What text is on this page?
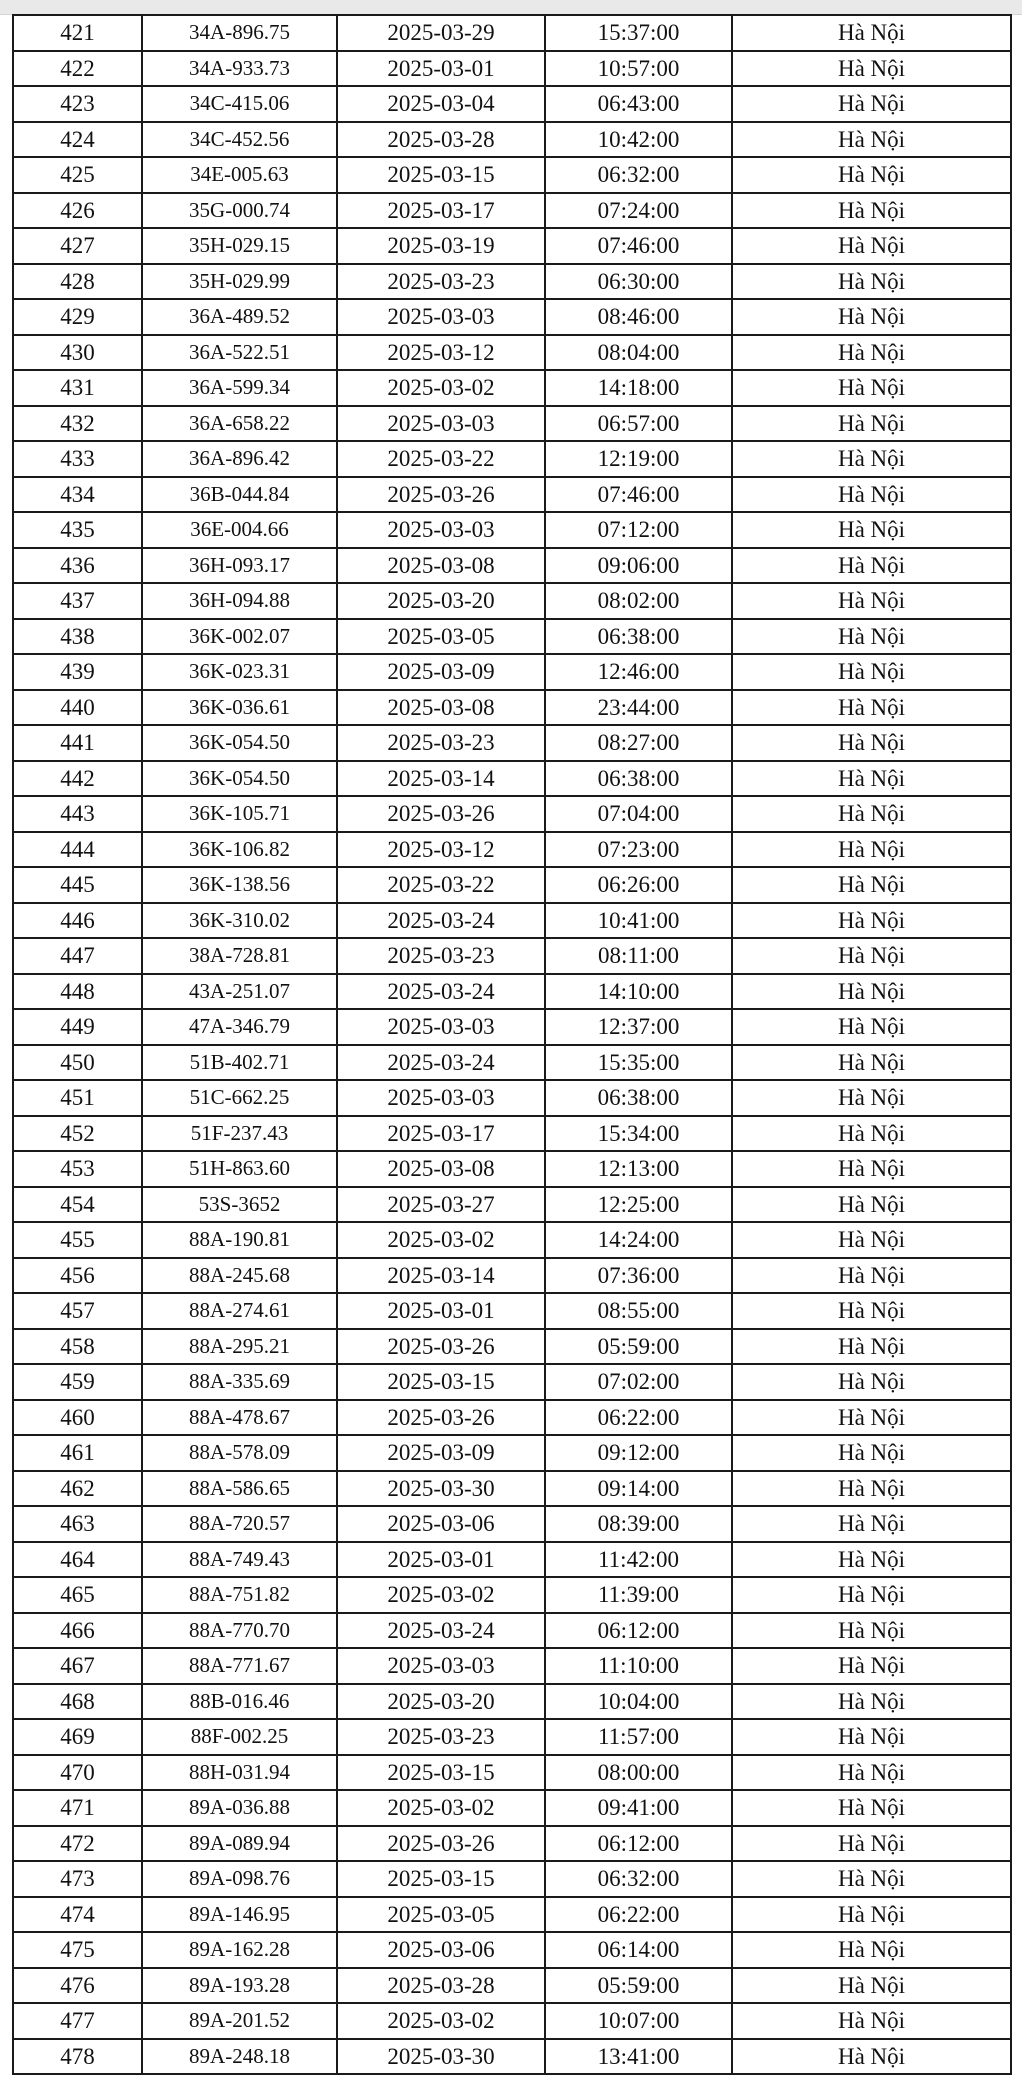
421	34A-896.75	2025-03-29	15:37:00	Hà Nội
422	34A-933.73	2025-03-01	10:57:00	Hà Nội
423	34C-415.06	2025-03-04	06:43:00	Hà Nội
424	34C-452.56	2025-03-28	10:42:00	Hà Nội
425	34E-005.63	2025-03-15	06:32:00	Hà Nội
426	35G-000.74	2025-03-17	07:24:00	Hà Nội
427	35H-029.15	2025-03-19	07:46:00	Hà Nội
428	35H-029.99	2025-03-23	06:30:00	Hà Nội
429	36A-489.52	2025-03-03	08:46:00	Hà Nội
430	36A-522.51	2025-03-12	08:04:00	Hà Nội
431	36A-599.34	2025-03-02	14:18:00	Hà Nội
432	36A-658.22	2025-03-03	06:57:00	Hà Nội
433	36A-896.42	2025-03-22	12:19:00	Hà Nội
434	36B-044.84	2025-03-26	07:46:00	Hà Nội
435	36E-004.66	2025-03-03	07:12:00	Hà Nội
436	36H-093.17	2025-03-08	09:06:00	Hà Nội
437	36H-094.88	2025-03-20	08:02:00	Hà Nội
438	36K-002.07	2025-03-05	06:38:00	Hà Nội
439	36K-023.31	2025-03-09	12:46:00	Hà Nội
440	36K-036.61	2025-03-08	23:44:00	Hà Nội
441	36K-054.50	2025-03-23	08:27:00	Hà Nội
442	36K-054.50	2025-03-14	06:38:00	Hà Nội
443	36K-105.71	2025-03-26	07:04:00	Hà Nội
444	36K-106.82	2025-03-12	07:23:00	Hà Nội
445	36K-138.56	2025-03-22	06:26:00	Hà Nội
446	36K-310.02	2025-03-24	10:41:00	Hà Nội
447	38A-728.81	2025-03-23	08:11:00	Hà Nội
448	43A-251.07	2025-03-24	14:10:00	Hà Nội
449	47A-346.79	2025-03-03	12:37:00	Hà Nội
450	51B-402.71	2025-03-24	15:35:00	Hà Nội
451	51C-662.25	2025-03-03	06:38:00	Hà Nội
452	51F-237.43	2025-03-17	15:34:00	Hà Nội
453	51H-863.60	2025-03-08	12:13:00	Hà Nội
454	53S-3652	2025-03-27	12:25:00	Hà Nội
455	88A-190.81	2025-03-02	14:24:00	Hà Nội
456	88A-245.68	2025-03-14	07:36:00	Hà Nội
457	88A-274.61	2025-03-01	08:55:00	Hà Nội
458	88A-295.21	2025-03-26	05:59:00	Hà Nội
459	88A-335.69	2025-03-15	07:02:00	Hà Nội
460	88A-478.67	2025-03-26	06:22:00	Hà Nội
461	88A-578.09	2025-03-09	09:12:00	Hà Nội
462	88A-586.65	2025-03-30	09:14:00	Hà Nội
463	88A-720.57	2025-03-06	08:39:00	Hà Nội
464	88A-749.43	2025-03-01	11:42:00	Hà Nội
465	88A-751.82	2025-03-02	11:39:00	Hà Nội
466	88A-770.70	2025-03-24	06:12:00	Hà Nội
467	88A-771.67	2025-03-03	11:10:00	Hà Nội
468	88B-016.46	2025-03-20	10:04:00	Hà Nội
469	88F-002.25	2025-03-23	11:57:00	Hà Nội
470	88H-031.94	2025-03-15	08:00:00	Hà Nội
471	89A-036.88	2025-03-02	09:41:00	Hà Nội
472	89A-089.94	2025-03-26	06:12:00	Hà Nội
473	89A-098.76	2025-03-15	06:32:00	Hà Nội
474	89A-146.95	2025-03-05	06:22:00	Hà Nội
475	89A-162.28	2025-03-06	06:14:00	Hà Nội
476	89A-193.28	2025-03-28	05:59:00	Hà Nội
477	89A-201.52	2025-03-02	10:07:00	Hà Nội
478	89A-248.18	2025-03-30	13:41:00	Hà Nội
